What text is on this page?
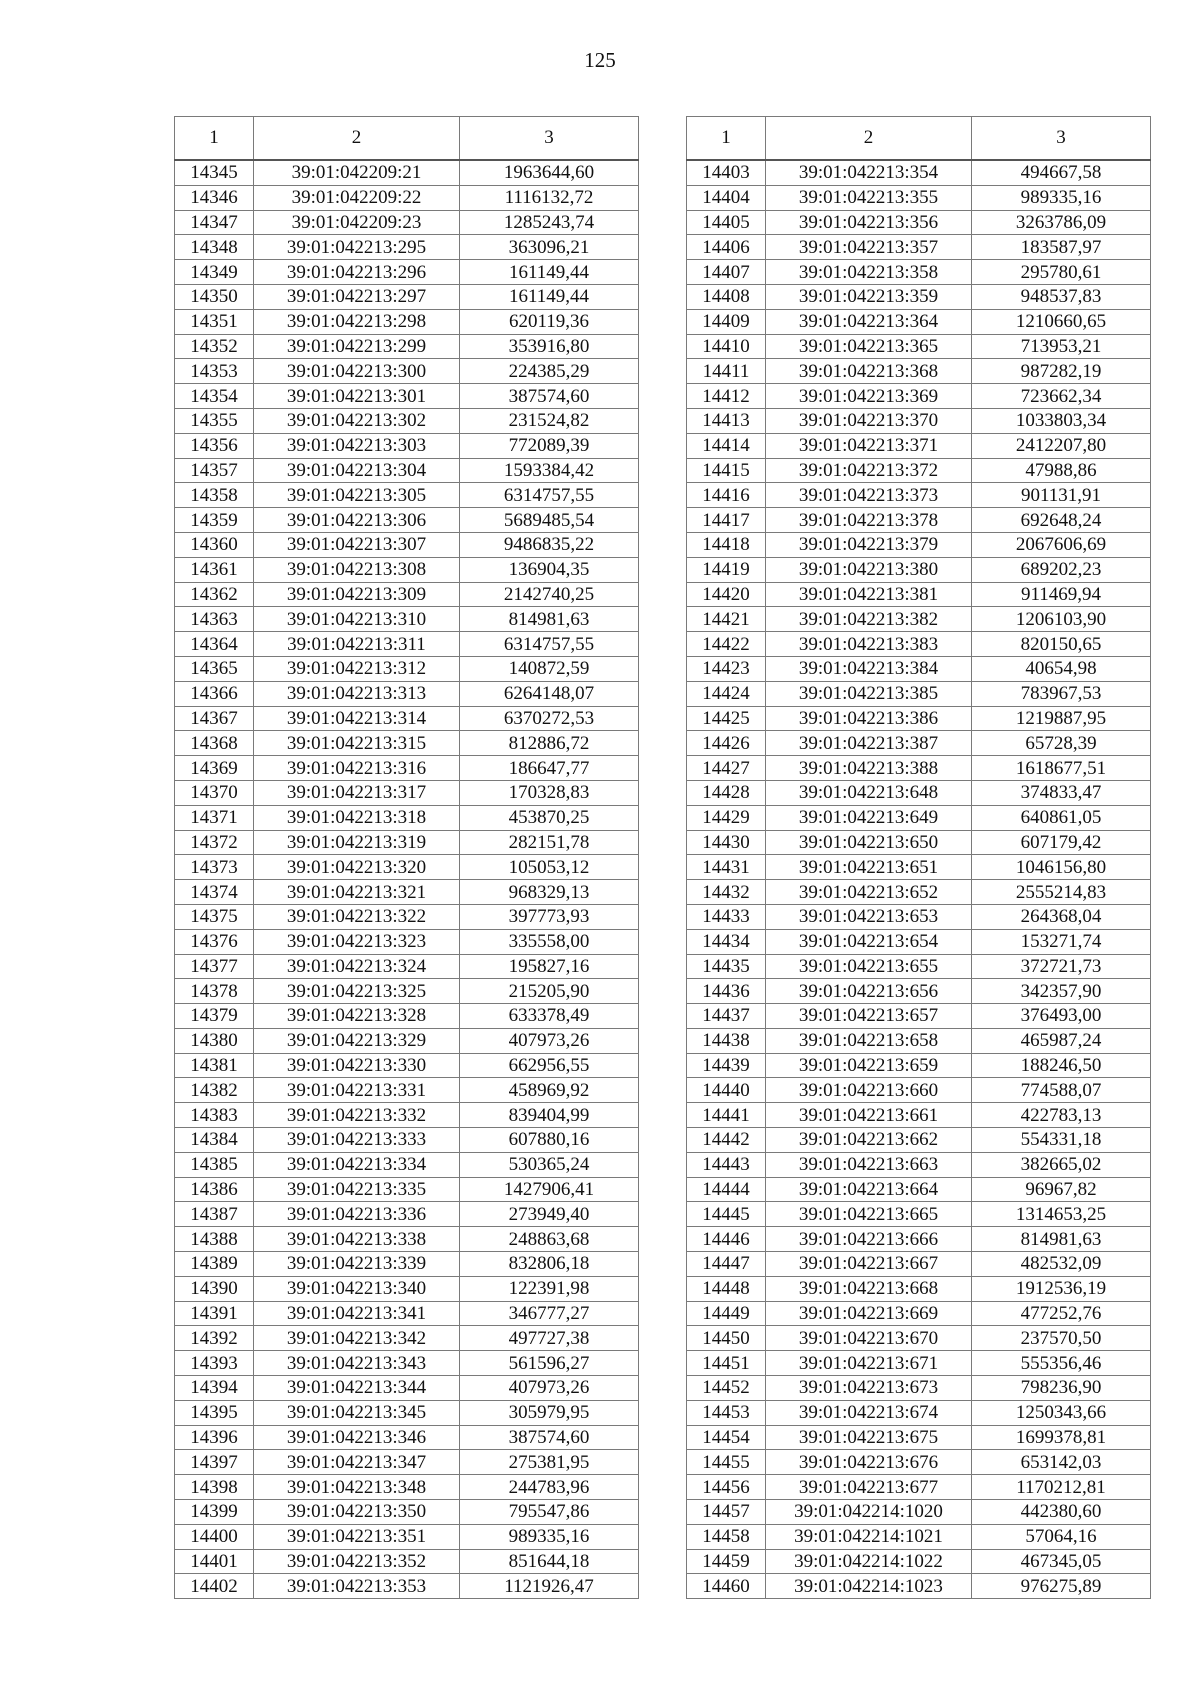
125
1	2	3
14345	39:01:042209:21	1963644,60
14346	39:01:042209:22	1116132,72
14347	39:01:042209:23	1285243,74
14348	39:01:042213:295	363096,21
14349	39:01:042213:296	161149,44
14350	39:01:042213:297	161149,44
14351	39:01:042213:298	620119,36
14352	39:01:042213:299	353916,80
14353	39:01:042213:300	224385,29
14354	39:01:042213:301	387574,60
14355	39:01:042213:302	231524,82
14356	39:01:042213:303	772089,39
14357	39:01:042213:304	1593384,42
14358	39:01:042213:305	6314757,55
14359	39:01:042213:306	5689485,54
14360	39:01:042213:307	9486835,22
14361	39:01:042213:308	136904,35
14362	39:01:042213:309	2142740,25
14363	39:01:042213:310	814981,63
14364	39:01:042213:311	6314757,55
14365	39:01:042213:312	140872,59
14366	39:01:042213:313	6264148,07
14367	39:01:042213:314	6370272,53
14368	39:01:042213:315	812886,72
14369	39:01:042213:316	186647,77
14370	39:01:042213:317	170328,83
14371	39:01:042213:318	453870,25
14372	39:01:042213:319	282151,78
14373	39:01:042213:320	105053,12
14374	39:01:042213:321	968329,13
14375	39:01:042213:322	397773,93
14376	39:01:042213:323	335558,00
14377	39:01:042213:324	195827,16
14378	39:01:042213:325	215205,90
14379	39:01:042213:328	633378,49
14380	39:01:042213:329	407973,26
14381	39:01:042213:330	662956,55
14382	39:01:042213:331	458969,92
14383	39:01:042213:332	839404,99
14384	39:01:042213:333	607880,16
14385	39:01:042213:334	530365,24
14386	39:01:042213:335	1427906,41
14387	39:01:042213:336	273949,40
14388	39:01:042213:338	248863,68
14389	39:01:042213:339	832806,18
14390	39:01:042213:340	122391,98
14391	39:01:042213:341	346777,27
14392	39:01:042213:342	497727,38
14393	39:01:042213:343	561596,27
14394	39:01:042213:344	407973,26
14395	39:01:042213:345	305979,95
14396	39:01:042213:346	387574,60
14397	39:01:042213:347	275381,95
14398	39:01:042213:348	244783,96
14399	39:01:042213:350	795547,86
14400	39:01:042213:351	989335,16
14401	39:01:042213:352	851644,18
14402	39:01:042213:353	1121926,47
1	2	3
14403	39:01:042213:354	494667,58
14404	39:01:042213:355	989335,16
14405	39:01:042213:356	3263786,09
14406	39:01:042213:357	183587,97
14407	39:01:042213:358	295780,61
14408	39:01:042213:359	948537,83
14409	39:01:042213:364	1210660,65
14410	39:01:042213:365	713953,21
14411	39:01:042213:368	987282,19
14412	39:01:042213:369	723662,34
14413	39:01:042213:370	1033803,34
14414	39:01:042213:371	2412207,80
14415	39:01:042213:372	47988,86
14416	39:01:042213:373	901131,91
14417	39:01:042213:378	692648,24
14418	39:01:042213:379	2067606,69
14419	39:01:042213:380	689202,23
14420	39:01:042213:381	911469,94
14421	39:01:042213:382	1206103,90
14422	39:01:042213:383	820150,65
14423	39:01:042213:384	40654,98
14424	39:01:042213:385	783967,53
14425	39:01:042213:386	1219887,95
14426	39:01:042213:387	65728,39
14427	39:01:042213:388	1618677,51
14428	39:01:042213:648	374833,47
14429	39:01:042213:649	640861,05
14430	39:01:042213:650	607179,42
14431	39:01:042213:651	1046156,80
14432	39:01:042213:652	2555214,83
14433	39:01:042213:653	264368,04
14434	39:01:042213:654	153271,74
14435	39:01:042213:655	372721,73
14436	39:01:042213:656	342357,90
14437	39:01:042213:657	376493,00
14438	39:01:042213:658	465987,24
14439	39:01:042213:659	188246,50
14440	39:01:042213:660	774588,07
14441	39:01:042213:661	422783,13
14442	39:01:042213:662	554331,18
14443	39:01:042213:663	382665,02
14444	39:01:042213:664	96967,82
14445	39:01:042213:665	1314653,25
14446	39:01:042213:666	814981,63
14447	39:01:042213:667	482532,09
14448	39:01:042213:668	1912536,19
14449	39:01:042213:669	477252,76
14450	39:01:042213:670	237570,50
14451	39:01:042213:671	555356,46
14452	39:01:042213:673	798236,90
14453	39:01:042213:674	1250343,66
14454	39:01:042213:675	1699378,81
14455	39:01:042213:676	653142,03
14456	39:01:042213:677	1170212,81
14457	39:01:042214:1020	442380,60
14458	39:01:042214:1021	57064,16
14459	39:01:042214:1022	467345,05
14460	39:01:042214:1023	976275,89
